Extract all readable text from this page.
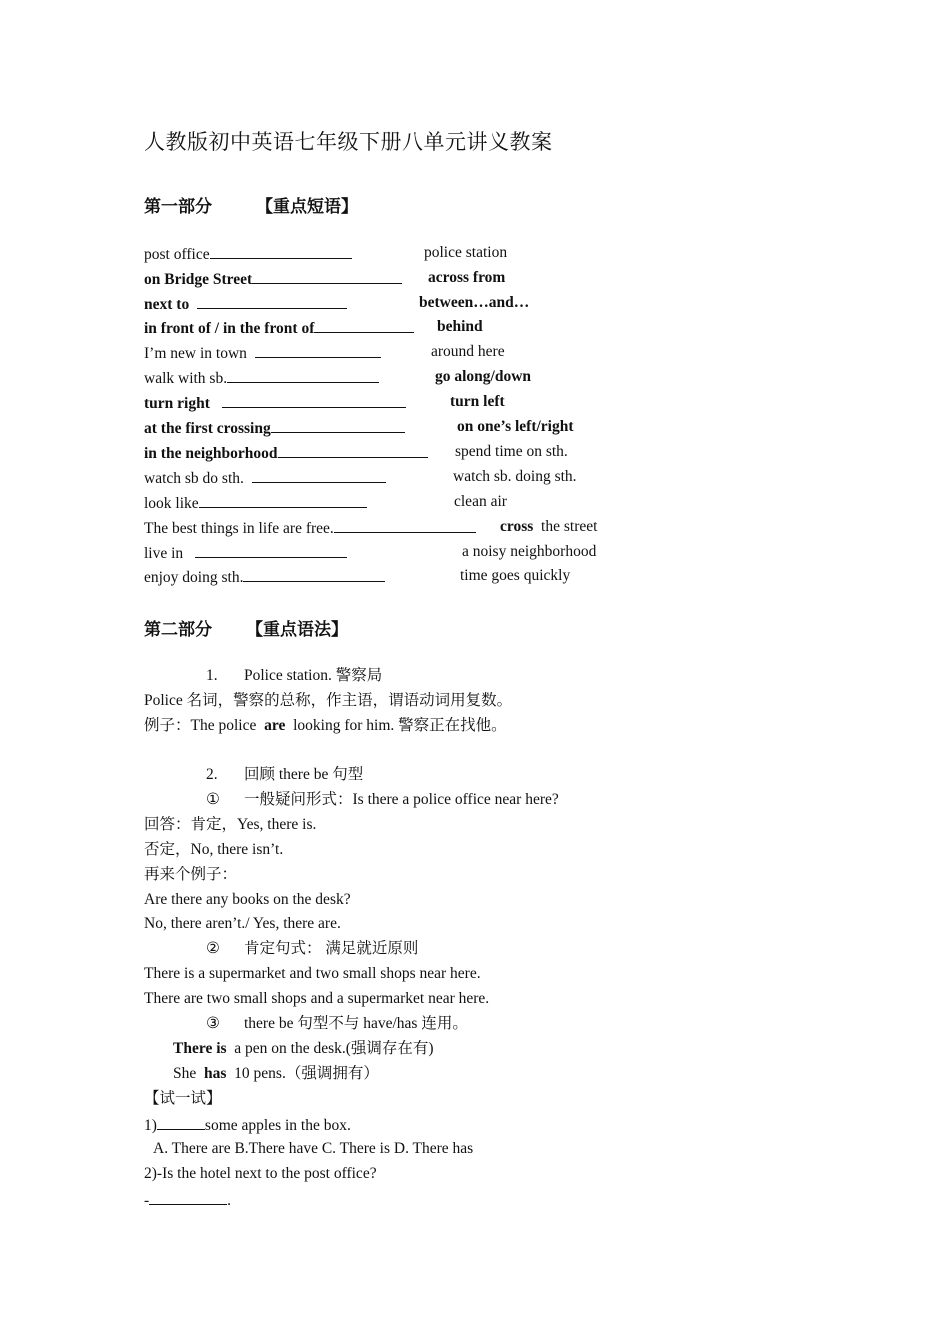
人教版初中英语七年级下册八单元讲义教案
第一部分	【重点短语】
post office	police station
on Bridge Street	across from
next to	between…and…
in front of / in the front of	behind
I’m new in town	around here
walk with sb.	go along/down
turn right	turn left
at the first crossing	on one’s left/right
in the neighborhood	spend time on sth.
watch sb do sth.	watch sb. doing sth.
look like	clean air
The best things in life are free.	cross the street
live in	a noisy neighborhood
enjoy doing sth.	time goes quickly
第二部分 【重点语法】
1. Police station. 警察局
Police 名词，警察的总称，作主语，谓语动词用复数。
例子：The police are looking for him. 警察正在找他。
2. 回顾 there be 句型
① 一般疑问形式：Is there a police office near here?
回答：肯定，Yes, there is.
否定，No, there isn’t.
再来个例子：
Are there any books on the desk?
No, there aren’t./ Yes, there are.
② 肯定句式： 满足就近原则
There is a supermarket and two small shops near here.
There are two small shops and a supermarket near here.
③ there be 句型不与 have/has 连用。
There is a pen on the desk.(强调存在有)
She has 10 pens.（强调拥有）
【试一试】
1)	some apples in the box.
A. There are B.There have C. There is D. There has
2)-Is the hotel next to the post office?
-	.
